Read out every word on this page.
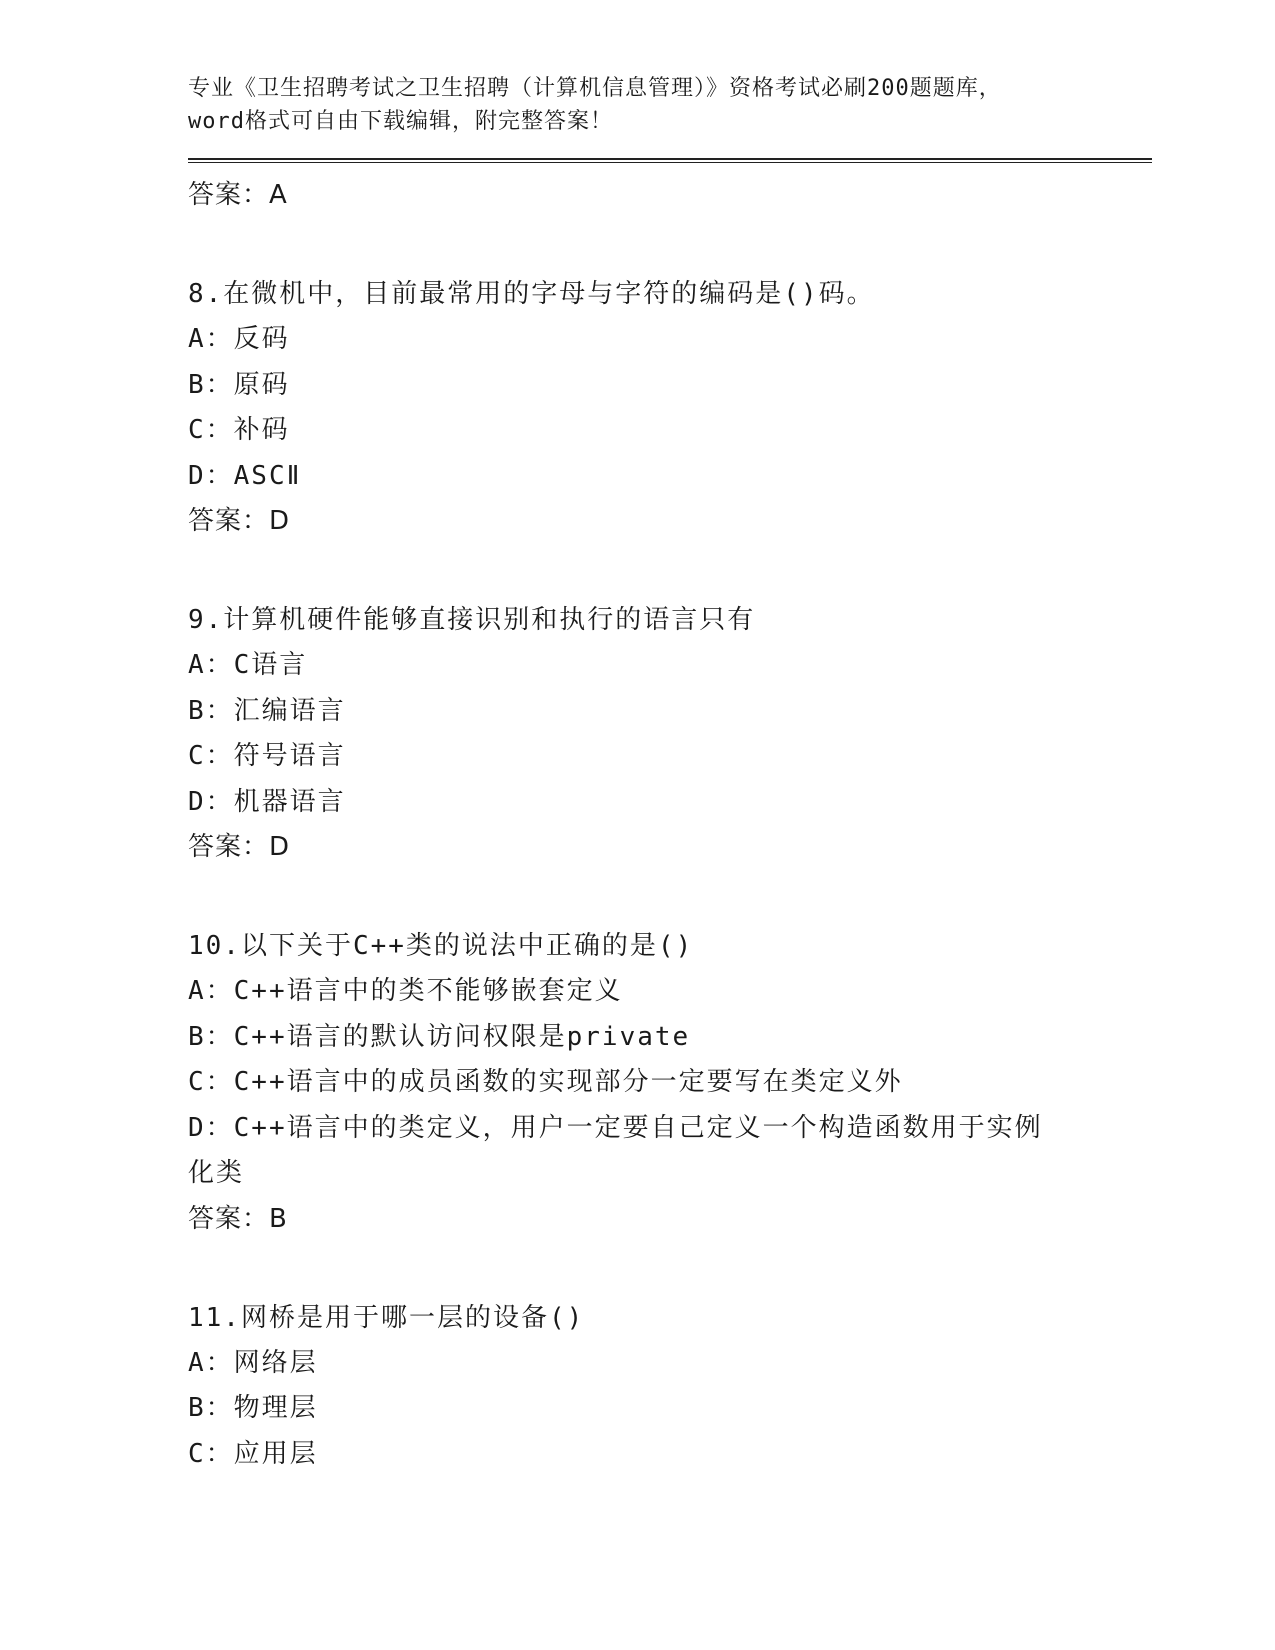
专业《卫生招聘考试之卫生招聘（计算机信息管理）》资格考试必刷200题题库，
word格式可自由下载编辑，附完整答案！
答案：A
8.在微机中，目前最常用的字母与字符的编码是()码。
A：反码
B：原码
C：补码
D：ASCⅡ
答案：D
9.计算机硬件能够直接识别和执行的语言只有
A：C语言
B：汇编语言
C：符号语言
D：机器语言
答案：D
10.以下关于C++类的说法中正确的是()
A：C++语言中的类不能够嵌套定义
B：C++语言的默认访问权限是private
C：C++语言中的成员函数的实现部分一定要写在类定义外
D：C++语言中的类定义，用户一定要自己定义一个构造函数用于实例化类
答案：B
11.网桥是用于哪一层的设备()
A：网络层
B：物理层
C：应用层
